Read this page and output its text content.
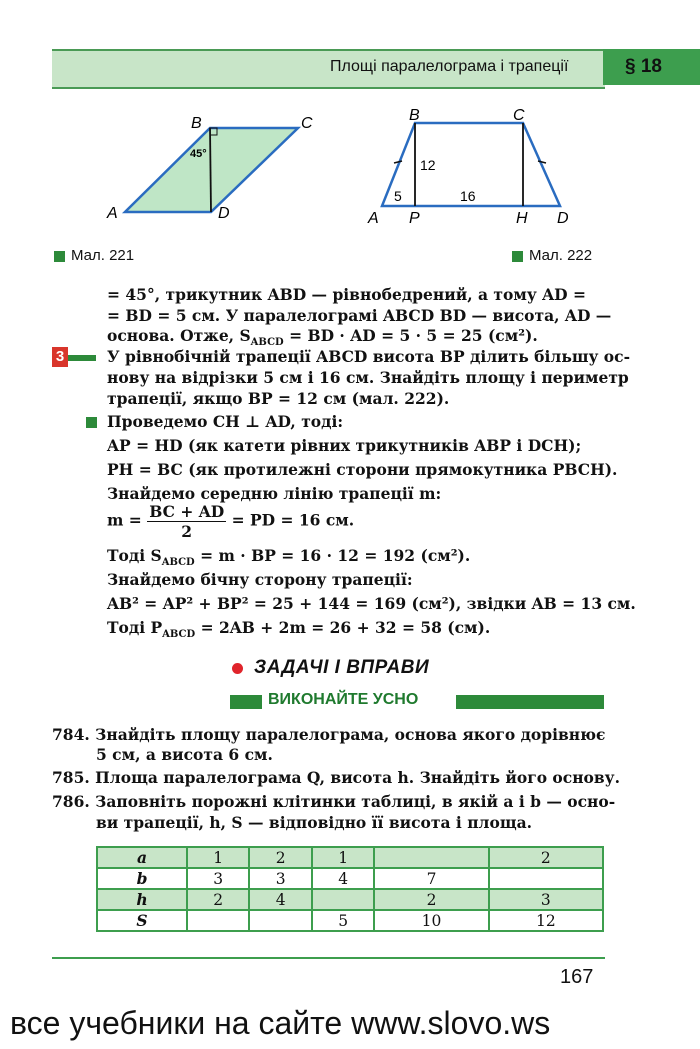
Площі паралелограма і трапеції	§ 18
45°
B	C
A	D
B	C
A P	H D
12
5	16
Мал. 221	Мал. 222
= 45°, трикутник ABD — рівнобедрений, а тому AD =
= BD = 5 см. У паралелограмі ABCD BD — висота, AD —
основа. Отже, $S_{ABCD}$ = BD · AD = 5 · 5 = 25 (см²).
3	У рівнобічній трапеції ABCD висота BP ділить більшу ос-
нову на відрізки 5 см і 16 см. Знайдіть площу і периметр
трапеції, якщо BP = 12 см (мал. 222).
Проведемо CH ⊥ AD, тоді:
AP = HD (як катети рівних трикутників ABP і DCH);
PH = BC (як протилежні сторони прямокутника PBCH).
Знайдемо середню лінію трапеції m:
$m = \frac{BC + AD}{2}$ = PD = 16 см.
Тоді $S_{ABCD} = m$ · BP = 16 · 12 = 192 (см²).
Знайдемо бічну сторону трапеції:
AB² = AP² + BP² = 25 + 144 = 169 (см²), звідки AB = 13 см.
Тоді $P_{ABCD} = 2AB + 2m = 26 + 32 = 58$ (см).
ЗАДАЧІ І ВПРАВИ
ВИКОНАЙТЕ УСНО
784. Знайдіть площу паралелограма, основа якого дорівнює
5 см, а висота 6 см.
785. Площа паралелограма Q, висота h. Знайдіть його основу.
786. Заповніть порожні клітинки таблиці, в якій a і b — осно-
ви трапеції, h, S — відповідно її висота і площа.
a	1	2	1		2
b	3	3	4	7	
h	2	4		2	3
S			5	10	12
167
все учебники на сайте www.slovo.ws
